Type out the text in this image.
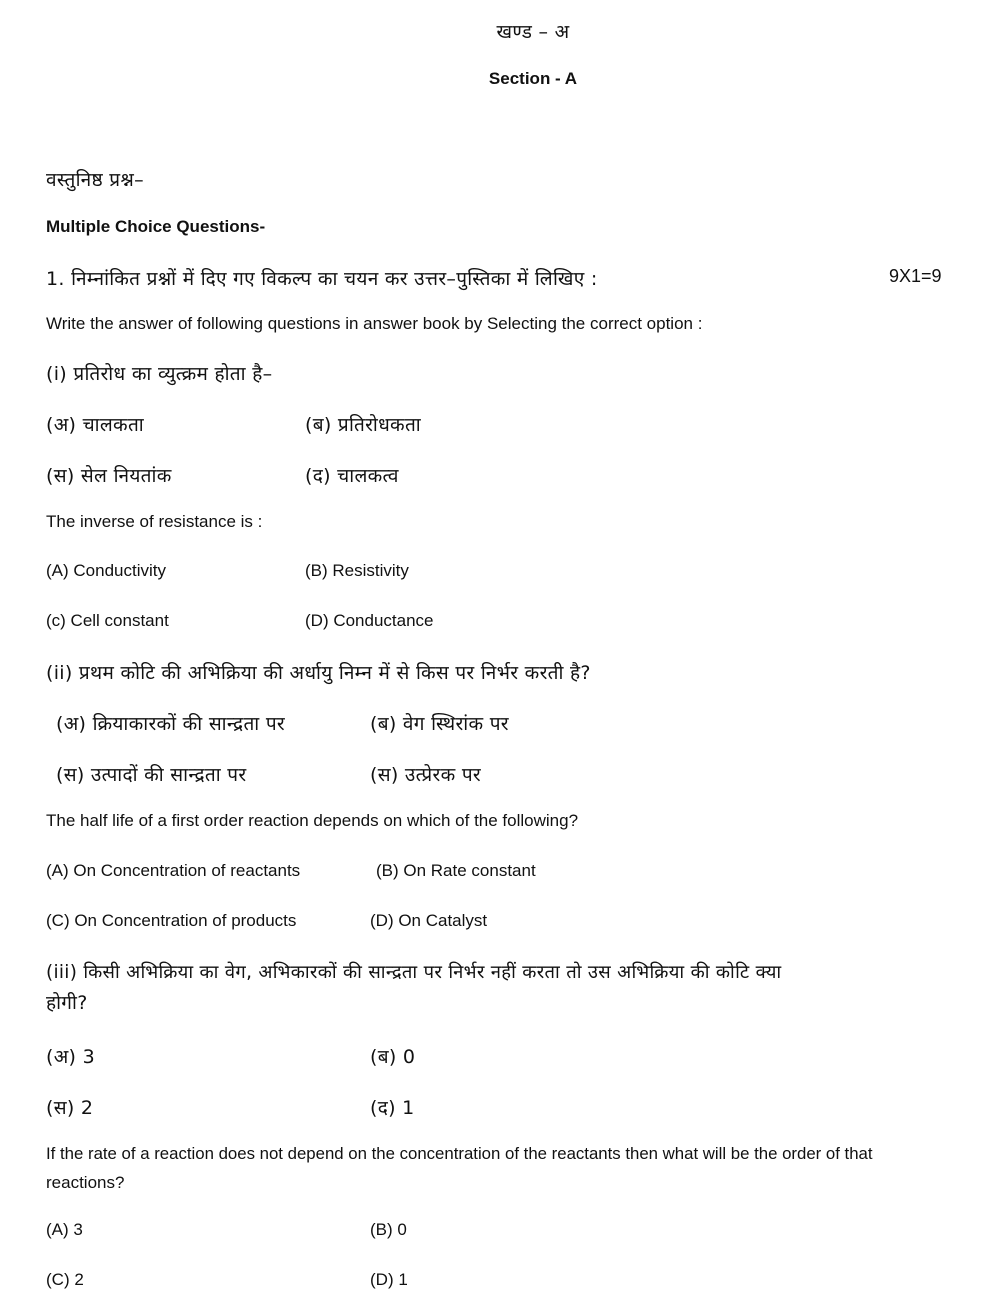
खण्ड – अ
Section - A
वस्तुनिष्ठ प्रश्न–
Multiple Choice Questions-
1. निम्नांकित प्रश्नों में दिए गए विकल्प का चयन कर उत्तर–पुस्तिका में लिखिए :	9X1=9
Write the answer of following questions in answer book by Selecting the correct option :
(i) प्रतिरोध का व्युत्क्रम होता है–
(अ) चालकता	(ब) प्रतिरोधकता
(स) सेल नियतांक	(द) चालकत्व
The inverse of resistance is :
(A) Conductivity	(B) Resistivity
(c) Cell constant	(D) Conductance
(ii) प्रथम कोटि की अभिक्रिया की अर्धायु निम्न में से किस पर निर्भर करती है?
(अ) क्रियाकारकों की सान्द्रता पर	(ब) वेग स्थिरांक पर
(स) उत्पादों की सान्द्रता पर	(स) उत्प्रेरक पर
The half life of a first order reaction depends on which of the following?
(A) On Concentration of reactants	(B) On Rate constant
(C) On Concentration of products	(D) On Catalyst
(iii) किसी अभिक्रिया का वेग, अभिकारकों की सान्द्रता पर निर्भर नहीं करता तो उस अभिक्रिया की कोटि क्या
होगी?
(अ) 3	(ब) 0
(स) 2	(द) 1
If the rate of a reaction does not depend on the concentration of the reactants then what will be the order of that
reactions?
(A) 3	(B) 0
(C) 2	(D) 1
